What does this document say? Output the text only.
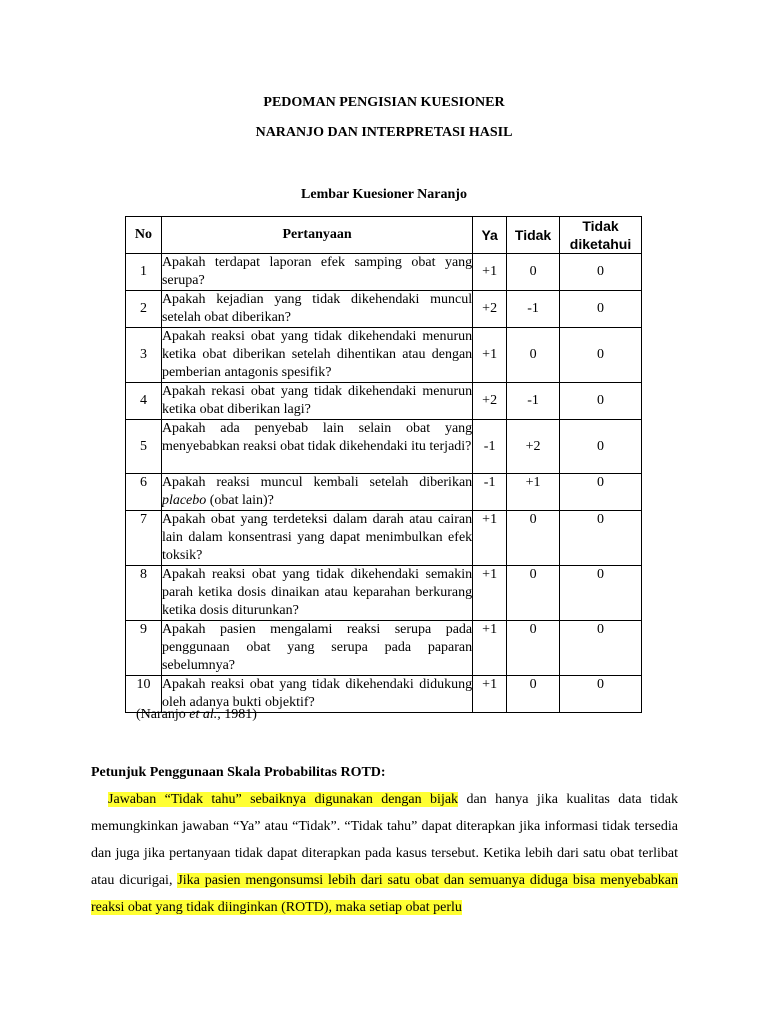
PEDOMAN PENGISIAN KUESIONER
NARANJO DAN INTERPRETASI HASIL
Lembar Kuesioner Naranjo
No	Pertanyaan	Ya	Tidak	Tidak diketahui
1	Apakah terdapat laporan efek samping obat yang serupa?	+1	0	0
2	Apakah kejadian yang tidak dikehendaki muncul setelah obat diberikan?	+2	-1	0
3	Apakah reaksi obat yang tidak dikehendaki menurun ketika obat diberikan setelah dihentikan atau dengan pemberian antagonis spesifik?	+1	0	0
4	Apakah rekasi obat yang tidak dikehendaki menurun ketika obat diberikan lagi?	+2	-1	0
5	Apakah ada penyebab lain selain obat yang menyebabkan reaksi obat tidak dikehendaki itu terjadi?	-1	+2	0
6	Apakah reaksi muncul kembali setelah diberikan placebo (obat lain)?	-1	+1	0
7	Apakah obat yang terdeteksi dalam darah atau cairan lain dalam konsentrasi yang dapat menimbulkan efek toksik?	+1	0	0
8	Apakah reaksi obat yang tidak dikehendaki semakin parah ketika dosis dinaikan atau keparahan berkurang ketika dosis diturunkan?	+1	0	0
9	Apakah pasien mengalami reaksi serupa pada penggunaan obat yang serupa pada paparan sebelumnya?	+1	0	0
10	Apakah reaksi obat yang tidak dikehendaki didukung oleh adanya bukti objektif?	+1	0	0
(Naranjo et al., 1981)
Petunjuk Penggunaan Skala Probabilitas ROTD:
Jawaban “Tidak tahu” sebaiknya digunakan dengan bijak dan hanya jika kualitas data tidak memungkinkan jawaban “Ya” atau “Tidak”. “Tidak tahu” dapat diterapkan jika informasi tidak tersedia dan juga jika pertanyaan tidak dapat diterapkan pada kasus tersebut. Ketika lebih dari satu obat terlibat atau dicurigai, Jika pasien mengonsumsi lebih dari satu obat dan semuanya diduga bisa menyebabkan reaksi obat yang tidak diinginkan (ROTD), maka setiap obat perlu
